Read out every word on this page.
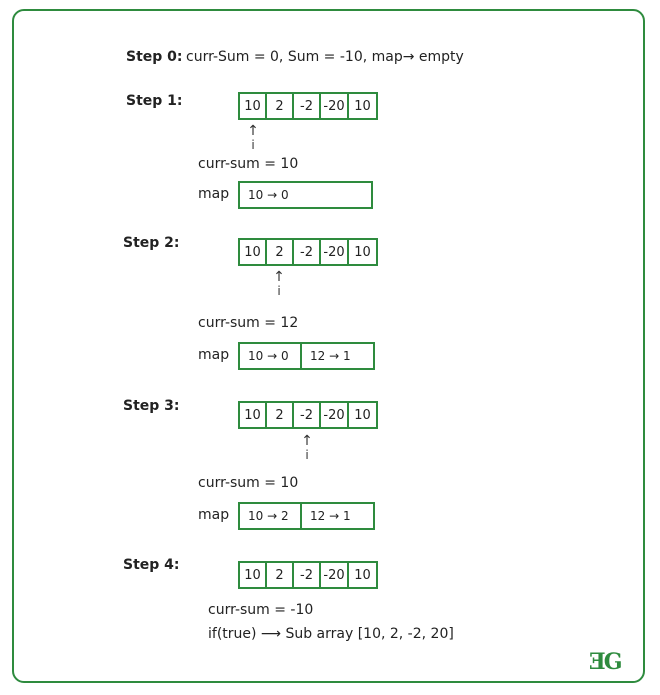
Step 0: curr-Sum = 0, Sum = -10, map→ empty
Step 1:	10	2	-2 -20 10
↑
i
curr-sum = 10
map	10 → 0
Step 2:
10	2	-2 -20 10
↑
i
curr-sum = 12
map	10 → 0	12 → 1
Step 3:
10	2	-2 -20 10
↑
i
curr-sum = 10
map	10 → 2	12 → 1
Step 4:
10	2	-2 -20 10
curr-sum = -10
if(true) ⟶ Sub array [10, 2, -2, 20]
ƎG
